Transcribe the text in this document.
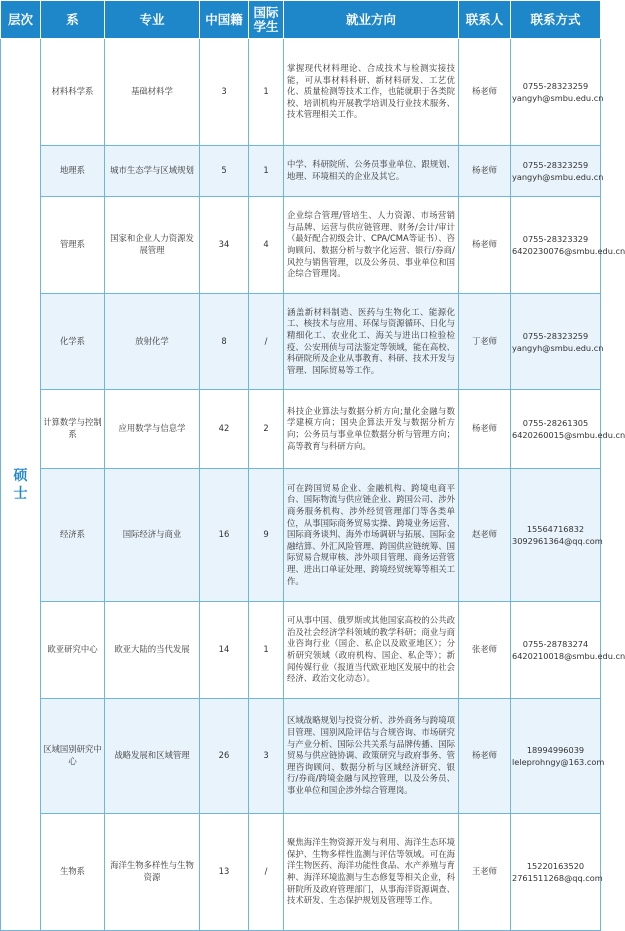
层次	系	专业	中国籍	国际学生	就业方向	联系人	联系方式
硕士	材料科学系	基础材料学	3	1	掌握现代材料理论、合成技术与检测实接技能，可从事材料科研、新材料研发、工艺优化、质量检测等技术工作，也能就职于各类院校、培训机构开展教学培训及行业技术服务、技术管理相关工作。	杨老师	0755-28323259
yangyh@smbu.edu.cn

	地理系	城市生态学与区域规划	5	1	中学、科研院所、公务员事业单位、跟规划、地理、环境相关的企业及其它。	杨老师	0755-28323259
yangyh@smbu.edu.cn

	管理系	国家和企业人力资源发展管理	34	4	企业综合管理/管培生、人力资源、市场营销与品牌、运营与供应链管理、财务/会计/审计（最好配合初级会计、CPA/CMA等证书）、咨询顾问、数据分析与数字化运营、银行/券商/风控与销售管理，以及公务员、事业单位和国企综合管理岗。	杨老师	0755-28323329
6420230076@smbu.edu.cn

	化学系	放射化学	8	/	涵盖新材料制造、医药与生物化工、能源化工、核技术与应用、环保与资源循环、日化与精细化工、农业化工、海关与进出口检验检疫、公安刑侦与司法鉴定等领域，能在高校、科研院所及企业从事教育、科研、技术开发与管理、国际贸易等工作。	丁老师	0755-28323259
yangyh@smbu.edu.cn

	计算数学与控制系	应用数学与信息学	42	2	科技企业算法与数据分析方向;量化金融与数学建模方向；国央企算法开发与数据分析方向；公务员与事业单位数据分析与管理方向；高等教育与科研方向。	杨老师	0755-28261305
6420260015@smbu.edu.cn

	经济系	国际经济与商业	16	9	可在跨国贸易企业、金融机构、跨境电商平台、国际物流与供应链企业、跨国公司、涉外商务服务机构、涉外经贸管理部门等各类单位，从事国际商务贸易实操、跨境业务运营、国际商务谈判、海外市场调研与拓展、国际金融结算、外汇风险管理、跨国供应链统筹、国际贸易合规审核、涉外项目管理、商务运营管理、进出口单证处理、跨境经贸统筹等相关工作。	赵老师	15564716832
3092961364@qq.com

	欧亚研究中心	欧亚大陆的当代发展	14	1	可从事中国、俄罗斯或其他国家高校的公共政治及社会经济学科领域的教学科研；商业与商业咨询行业（国企、私企以及欧亚地区）；分析研究领域（政府机构、国企、私企等）；新闻传媒行业（报道当代欧亚地区发展中的社会经济、政治文化动态）。	张老师	0755-28783274
6420210018@smbu.edu.cn

	区域国别研究中心	战略发展和区域管理	26	3	区域战略规划与投资分析、涉外商务与跨境项目管理、国别风险评估与合规咨询、市场研究与产业分析、国际公共关系与品牌传播、国际贸易与供应链协调、政策研究与政府事务、管理咨询顾问、数据分析与区域经济研究、银行/券商/跨境金融与风控管理，以及公务员、事业单位和国企涉外综合管理岗。	杨老师	18994996039
leleprohngy@163.com

	生物系	海洋生物多样性与生物资源	13	/	聚焦海洋生物资源开发与利用、海洋生态环境保护、生物多样性监测与评估等领域。可在海洋生物医药、海洋功能性食品、水产养殖与育种、海洋环境监测与生态修复等相关企业，科研院所及政府管理部门，从事海洋资源调查、技术研发、生态保护规划及管理等工作。	王老师	15220163520
2761511268@qq.com
